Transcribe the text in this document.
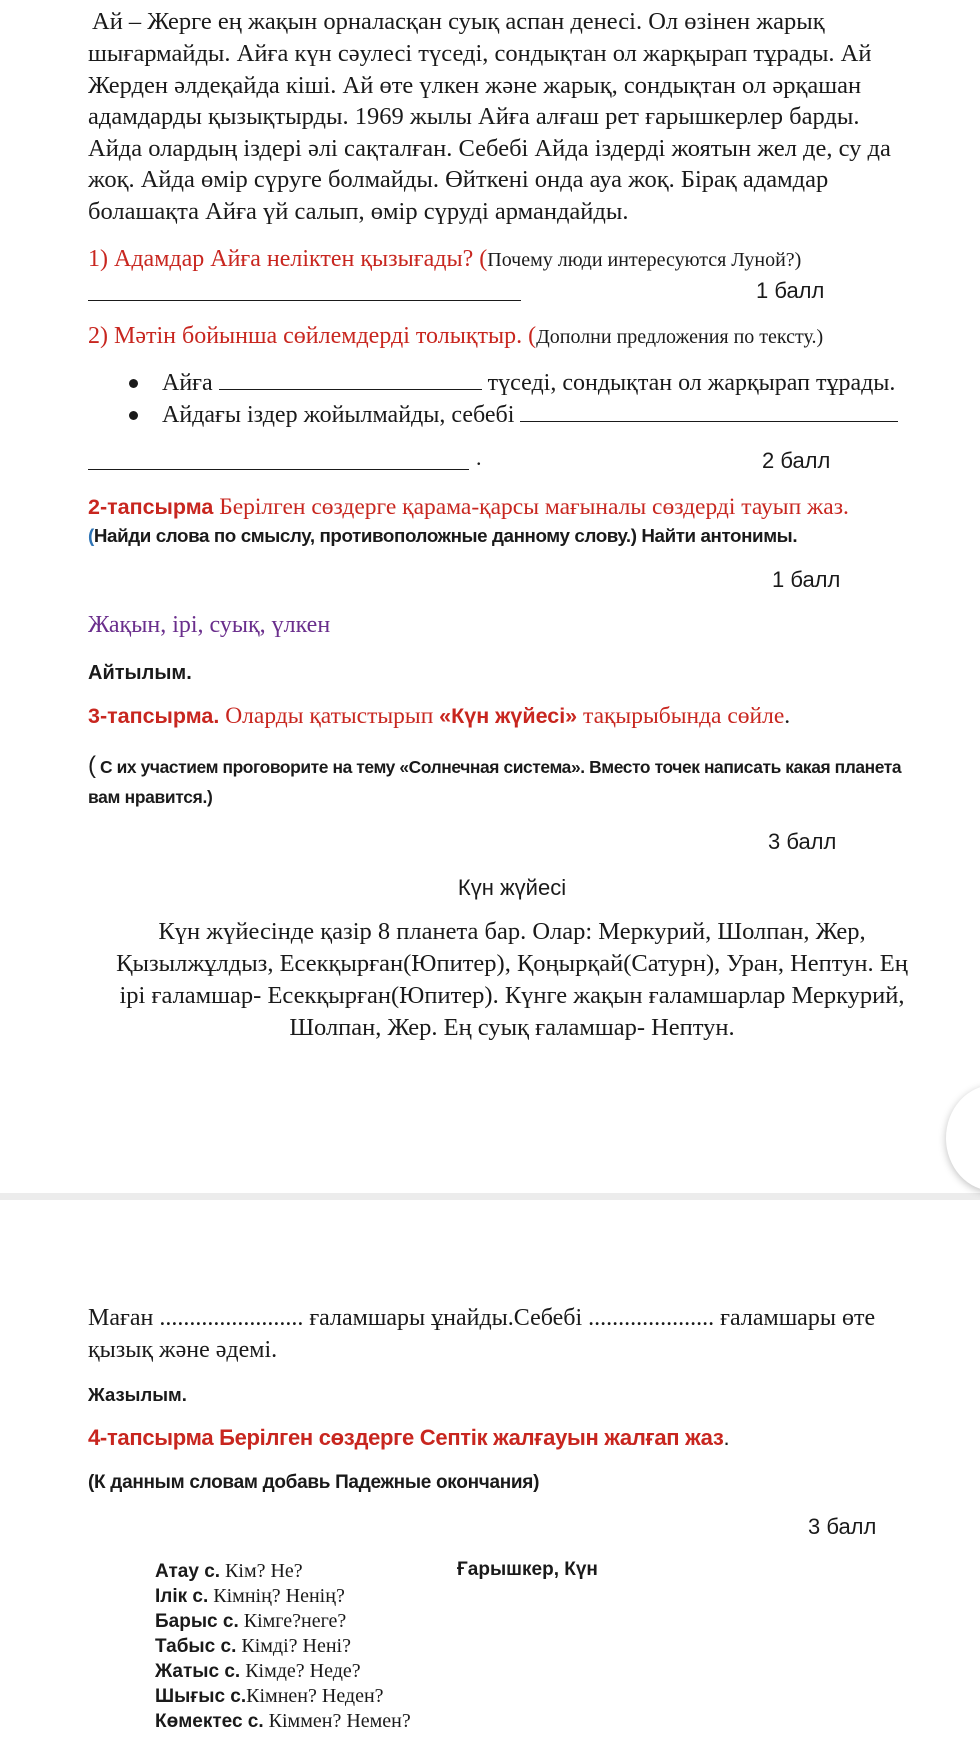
Ай – Жерге ең жақын орналасқан суық аспан денесі. Ол өзінен жарық
шығармайды. Айға күн сәулесі түседі, сондықтан ол жарқырап тұрады. Ай
Жерден әлдеқайда кіші. Ай өте үлкен және жарық, сондықтан ол әрқашан
адамдарды қызықтырды. 1969 жылы Айға алғаш рет ғарышкерлер барды.
Айда олардың іздері әлі сақталған. Себебі Айда іздерді жоятын жел де, су да
жоқ. Айда өмір сүруге болмайды. Өйткені онда ауа жоқ. Бірақ адамдар
болашақта Айға үй салып, өмір сүруді армандайды.
1) Адамдар Айға неліктен қызығады? (Почему люди интересуются Луной?)
1 балл
2) Мәтін бойынша сөйлемдерді толықтыр. (Дополни предложения по тексту.)
Айға	түседі, сондықтан ол жарқырап тұрады.
Айдағы іздер жойылмайды, себебі
.	2 балл
2-тапсырма Берілген сөздерге қарама-қарсы мағыналы сөздерді тауып жаз.
(Найди слова по смыслу, противоположные данному слову.) Найти антонимы.
1 балл
Жақын, ірі, суық, үлкен
Айтылым.
3-тапсырма. Оларды қатыстырып «Күн жүйесі» тақырыбында сөйле.
( С их участием проговорите на тему «Солнечная система». Вместо точек написать какая планета
вам нравится.)
3 балл
Күн жүйесі
Күн жүйесінде қазір 8 планета бар. Олар: Меркурий, Шолпан, Жер,
Қызылжұлдыз, Есекқырған(Юпитер), Қоңырқай(Сатурн), Уран, Нептун. Ең
ірі ғаламшар- Есекқырған(Юпитер). Күнге жақын ғаламшарлар Меркурий,
Шолпан, Жер. Ең суық ғаламшар- Нептун.
Маған ........................ ғаламшары ұнайды.Себебі ..................... ғаламшары өте
қызық және әдемі.
Жазылым.
4-тапсырма Берілген сөздерге Септік жалғауын жалғап жаз.
(К данным словам добавь Падежные окончания)
3 балл
Ғарышкер, Күн
Атау с. Кім? Не?
Ілік с. Кімнің? Ненің?
Барыс с. Кімге?неге?
Табыс с. Кімді? Нені?
Жатыс с. Кімде? Неде?
Шығыс с.Кімнен? Неден?
Көмектес с. Кіммен? Немен?
